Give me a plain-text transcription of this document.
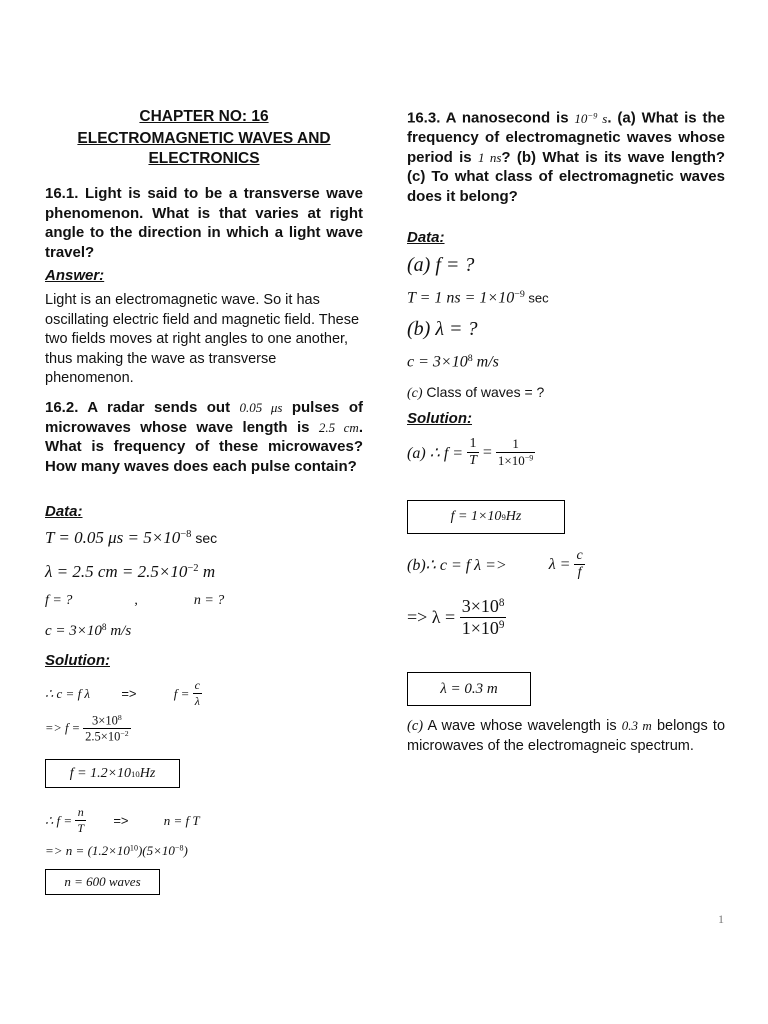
CHAPTER NO: 16
ELECTROMAGNETIC WAVES AND
ELECTRONICS
16.1. Light is said to be a transverse wave phenomenon. What is that varies at right angle to the direction in which a light wave travel?
Answer:
Light is an electromagnetic wave. So it has oscillating electric field and magnetic field. These two fields moves at right angles to one another, thus making the wave as transverse phenomenon.
16.2. A radar sends out 0.05 μs pulses of microwaves whose wave length is 2.5 cm. What is frequency of these microwaves? How many waves does each pulse contain?
Data:
T = 0.05 $\mu s = 5\times 10^{-8}$ sec
λ = 2.5 cm = $2.5\times 10^{-2}$ m
f = ?	,	n = ?
$c = 3\times 10^8$ m/s
Solution:
∴ c = f λ =>	$f = \frac{c}{\lambda}$
=> $f = \frac{3\times 10^8}{2.5\times 10^{-2}}$
f = 1.2×10 10 Hz
∴ $f = \frac{n}{T}$ =>	n = f T
=> $n = (1.2\times 10^{10})(5\times 10^{-8})$
n = 600 waves
16.3. A nanosecond is $10^{-9}$ s. (a) What is the frequency of electromagnetic waves whose period is 1 ns? (b) What is its wave length? (c) To what class of electromagnetic waves does it belong?
Data:
(a) f = ?
T = 1 ns = $1\times 10^{-9}$ sec
(b) λ = ?
$c = 3\times 10^8$ m/s
(c) Class of waves = ?
Solution:
(a) ∴ $f = \frac{1}{T} = \frac{1}{1\times 10^{-9}}$
f = 1×10 9 Hz
(b)∴ c = f λ =>	$\lambda = \frac{c}{f}$
=> $\lambda = \frac{3\times 10^8}{1\times 10^9}$
λ = 0.3 m
(c) A wave whose wavelength is 0.3 m belongs to microwaves of the electromagneic spectrum.
1
